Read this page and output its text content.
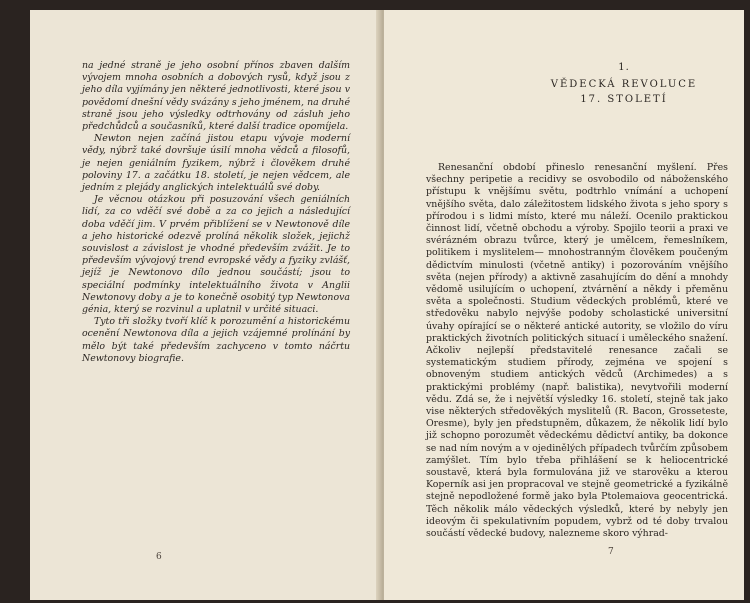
na jedné straně je jeho osobní přínos zbaven dalším vývojem mnoha osobních a dobových rysů, když jsou z jeho díla vyjímány jen některé jednotlivosti, které jsou v povědomí dnešní vědy svázány s jeho jménem, na druhé straně jsou jeho výsledky odtrhovány od zásluh jeho předchůdců a současníků, které další tradice opomíjela.

Newton nejen začíná jistou etapu vývoje moderní vědy, nýbrž také dovršuje úsilí mnoha vědců a filosofů, je nejen geniálním fyzikem, nýbrž i člověkem druhé poloviny 17. a začátku 18. století, je nejen vědcem, ale jedním z plejády anglických intelektuálů své doby.

Je věcnou otázkou při posuzování všech geniálních lidí, za co vděčí své době a za co jejich a následující doba vděčí jim. V prvém přiblížení se v Newtonově díle a jeho historické odezvě prolíná několik složek, jejichž souvislost a závislost je vhodné především zvážit. Je to především vývojový trend evropské vědy a fyziky zvlášť, jejíž je Newtonovo dílo jednou součástí; jsou to speciální podmínky intelektuálního života v Anglii Newtonovy doby a je to konečně osobitý typ Newtonova génia, který se rozvinul a uplatnil v určité situaci.

Tyto tři složky tvoří klíč k porozumění a historickému ocenění Newtonova díla a jejich vzájemné prolínání by mělo být také především zachyceno v tomto náčrtu Newtonovy biografie.

1.
VĚDECKÁ REVOLUCE
17. STOLETÍ

Renesanční období přineslo renesanční myšlení. Přes všechny peripetie a recidivy se osvobodilo od náboženského přístupu k vnějšímu světu, podtrhlo vnímání a uchopení vnějšího světa, dalo záležitostem lidského života s jeho spory s přírodou i s lidmi místo, které mu náleží. Ocenilo praktickou činnost lidí, včetně obchodu a výroby. Spojilo teorii a praxi ve svérázném obrazu tvůrce, který je umělcem, řemeslníkem, politikem i myslitelem— mnohostranným člověkem poučeným dědictvím minulosti (včetně antiky) i pozorováním vnějšího světa (nejen přírody) a aktivně zasahujícím do dění a mnohdy vědomě usilujícím o uchopení, ztvárnění a někdy i přeměnu světa a společnosti. Studium vědeckých problémů, které ve středověku nabylo nejvýše podoby scholastické universitní úvahy opírající se o některé antické autority, se vložilo do víru praktických životních politických situací i uměleckého snažení. Ačkoliv nejlepší představitelé renesance začali se systematickým studiem přírody, zejména ve spojení s obnoveným studiem antických vědců (Archimedes) a s praktickými problémy (např. balistika), nevytvořili moderní vědu. Zdá se, že i největší výsledky 16. století, stejně tak jako vise některých středověkých myslitelů (R. Bacon, Grosseteste, Oresme), byly jen předstupněm, důkazem, že několik lidí bylo již schopno porozumět vědeckému dědictví antiky, ba dokonce se nad ním novým a v ojedinělých případech tvůrčím způsobem zamýšlet. Tím bylo třeba přihlášení se k heliocentrické soustavě, která byla formulována již ve starověku a kterou Koperník asi jen propracoval ve stejně geometrické a fyzikálně stejně nepodložené formě jako byla Ptolemaiova geocentrická. Těch několik málo vědeckých výsledků, které by nebyly jen ideovým či spekulativním popudem, vybrž od té doby trvalou součástí vědecké budovy, nalezneme skoro výhrad-

6	7
